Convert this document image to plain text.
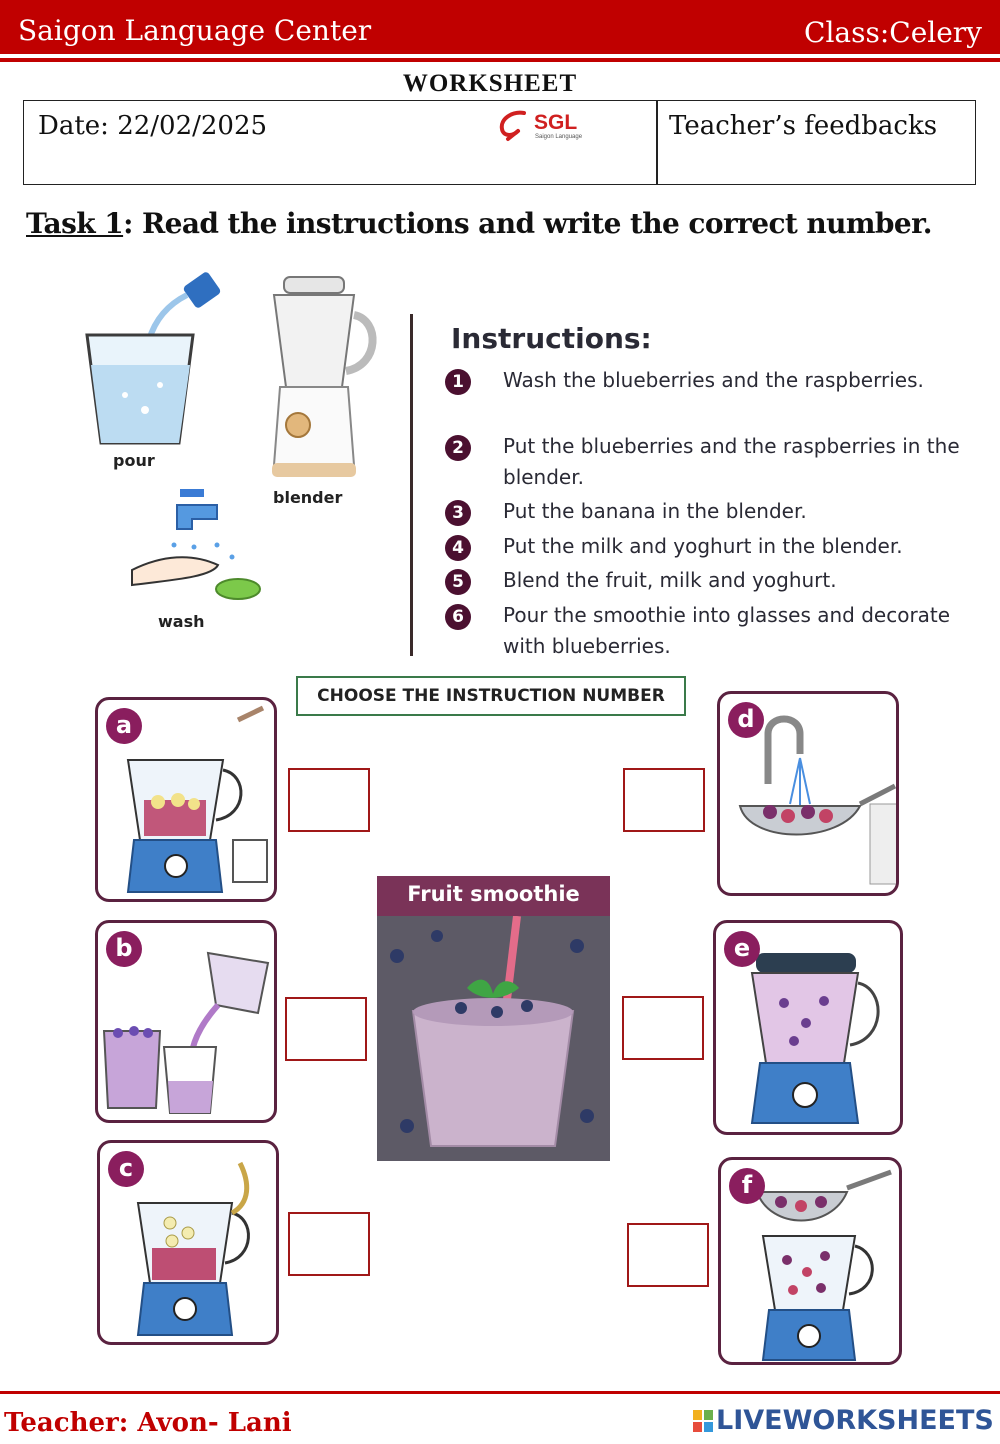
Saigon Language Center	Class:Celery
WORKSHEET
Date: 22/02/2025	SGL
Saigon Language	Teacher’s feedbacks
Task 1: Read the instructions and write the correct number.
pour
blender
wash
Instructions:
1	Wash the blueberries and the raspberries.
2	Put the blueberries and the raspberries in the blender.
3	Put the banana in the blender.
4	Put the milk and yoghurt in the blender.
5	Blend the fruit, milk and yoghurt.
6	Pour the smoothie into glasses and decorate with blueberries.
CHOOSE THE INSTRUCTION NUMBER
a
b
c
d
e
f
Fruit smoothie
Teacher: Avon- Lani	LIVEWORKSHEETS
